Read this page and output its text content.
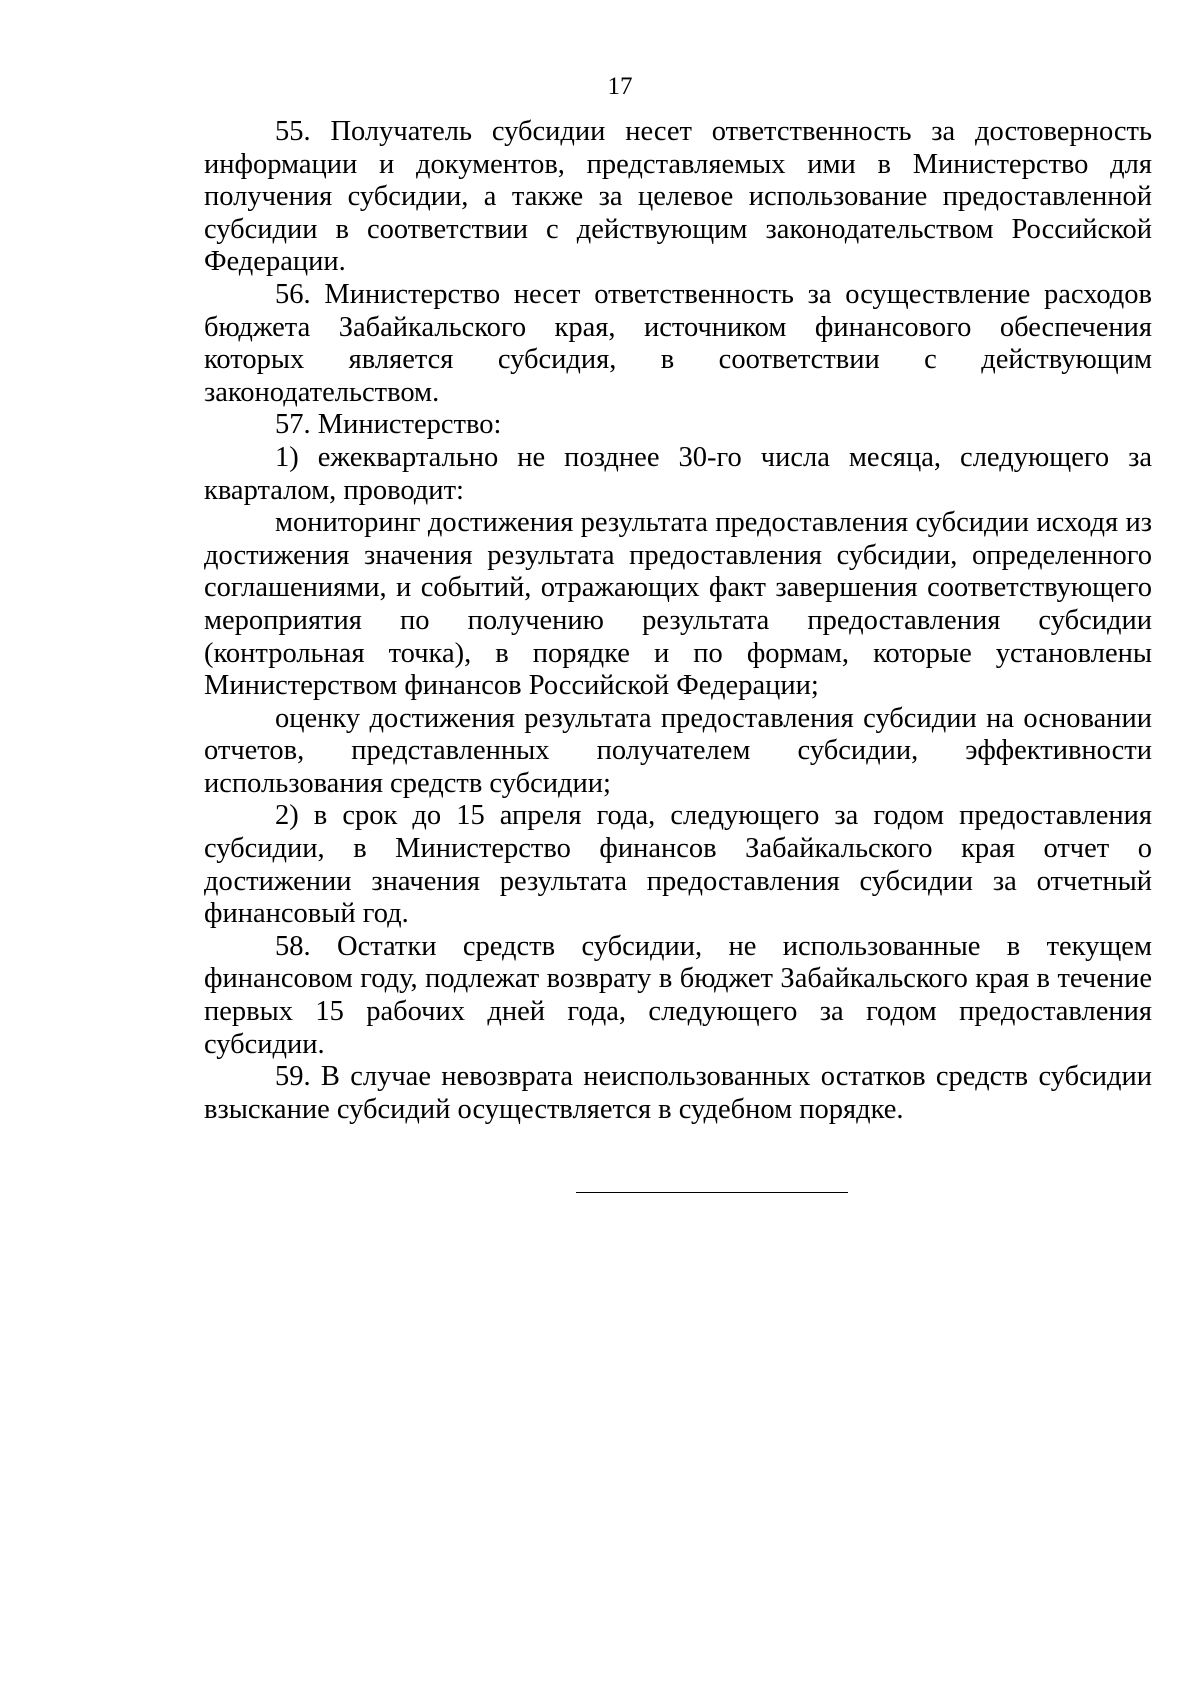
17

55. Получатель субсидии несет ответственность за достоверность информации и документов, представляемых ими в Министерство для получения субсидии, а также за целевое использование предоставленной субсидии в соответствии с действующим законодательством Российской Федерации.

56. Министерство несет ответственность за осуществление расходов бюджета Забайкальского края, источником финансового обеспечения которых является субсидия, в соответствии с действующим законодательством.

57. Министерство:

1) ежеквартально не позднее 30-го числа месяца, следующего за кварталом, проводит:

мониторинг достижения результата предоставления субсидии исходя из достижения значения результата предоставления субсидии, определенного соглашениями, и событий, отражающих факт завершения соответствующего мероприятия по получению результата предоставления субсидии (контрольная точка), в порядке и по формам, которые установлены Министерством финансов Российской Федерации;

оценку достижения результата предоставления субсидии на основании отчетов, представленных получателем субсидии, эффективности использования средств субсидии;

2) в срок до 15 апреля года, следующего за годом предоставления субсидии, в Министерство финансов Забайкальского края отчет о достижении значения результата предоставления субсидии за отчетный финансовый год.

58. Остатки средств субсидии, не использованные в текущем финансовом году, подлежат возврату в бюджет Забайкальского края в течение первых 15 рабочих дней года, следующего за годом предоставления субсидии.

59. В случае невозврата неиспользованных остатков средств субсидии взыскание субсидий осуществляется в судебном порядке.
